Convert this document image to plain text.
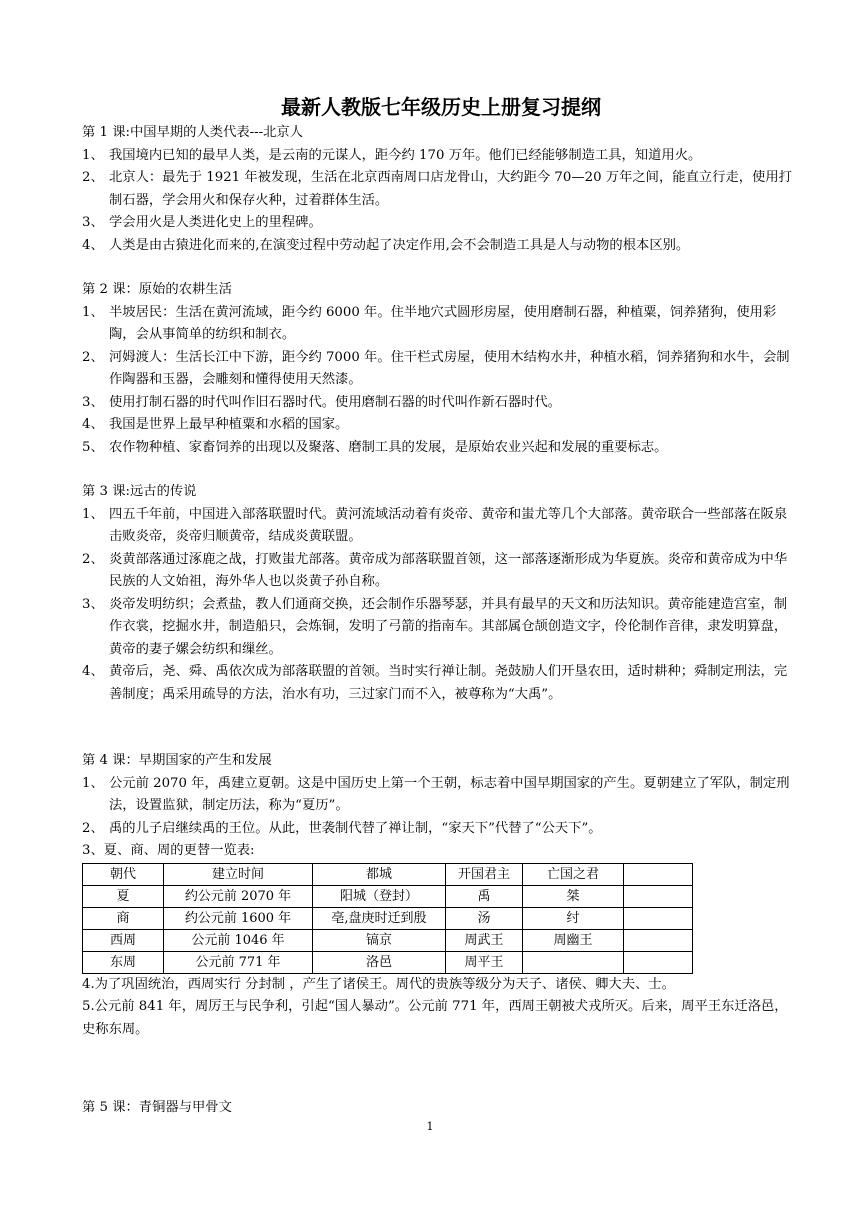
最新人教版七年级历史上册复习提纲

第 1 课:中国早期的人类代表---北京人

1、 我国境内已知的最早人类，是云南的元谋人，距今约 170 万年。他们已经能够制造工具，知道用火。
2、 北京人：最先于 1921 年被发现，生活在北京西南周口店龙骨山，大约距今 70—20 万年之间，能直立行走，使用打制石器，学会用火和保存火种，过着群体生活。
3、 学会用火是人类进化史上的里程碑。
4、 人类是由古猿进化而来的,在演变过程中劳动起了决定作用,会不会制造工具是人与动物的根本区别。

第 2 课：原始的农耕生活

1、 半坡居民：生活在黄河流域，距今约 6000 年。住半地穴式圆形房屋，使用磨制石器，种植粟，饲养猪狗，使用彩陶，会从事简单的纺织和制衣。
2、 河姆渡人：生活长江中下游，距今约 7000 年。住干栏式房屋，使用木结构水井，种植水稻，饲养猪狗和水牛，会制作陶器和玉器，会雕刻和懂得使用天然漆。
3、 使用打制石器的时代叫作旧石器时代。使用磨制石器的时代叫作新石器时代。
4、 我国是世界上最早种植粟和水稻的国家。
5、 农作物种植、家畜饲养的出现以及聚落、磨制工具的发展，是原始农业兴起和发展的重要标志。

第 3 课:远古的传说

1、 四五千年前，中国进入部落联盟时代。黄河流域活动着有炎帝、黄帝和蚩尤等几个大部落。黄帝联合一些部落在阪泉击败炎帝，炎帝归顺黄帝，结成炎黄联盟。
2、 炎黄部落通过涿鹿之战，打败蚩尤部落。黄帝成为部落联盟首领，这一部落逐渐形成为华夏族。炎帝和黄帝成为中华民族的人文始祖，海外华人也以炎黄子孙自称。
3、 炎帝发明纺织；会煮盐，教人们通商交换，还会制作乐器琴瑟，并具有最早的天文和历法知识。黄帝能建造宫室，制作衣裳，挖掘水井，制造船只，会炼铜，发明了弓箭的指南车。其部属仓颉创造文字，伶伦制作音律，隶发明算盘，黄帝的妻子嫘会纺织和缫丝。
4、 黄帝后，尧、舜、禹依次成为部落联盟的首领。当时实行禅让制。尧鼓励人们开垦农田，适时耕种；舜制定刑法，完善制度；禹采用疏导的方法，治水有功，三过家门而不入，被尊称为“大禹”。

第 4 课：早期国家的产生和发展

1、 公元前 2070 年，禹建立夏朝。这是中国历史上第一个王朝，标志着中国早期国家的产生。夏朝建立了军队，制定刑法，设置监狱，制定历法，称为“夏历”。
2、 禹的儿子启继续禹的王位。从此，世袭制代替了禅让制，“家天下”代替了“公天下”。

3、夏、商、周的更替一览表:

朝代	建立时间	都城	开国君主	亡国之君	
夏	约公元前 2070 年	阳城（登封）	禹	桀	
商	约公元前 1600 年	亳,盘庚时迁到殷	汤	纣	
西周	公元前 1046 年	镐京	周武王	周幽王	
东周	公元前 771 年	洛邑	周平王		

4.为了巩固统治，西周实行 分封制 ，产生了诸侯王。周代的贵族等级分为天子、诸侯、卿大夫、士。

5.公元前 841 年，周厉王与民争利，引起“国人暴动”。公元前 771 年，西周王朝被犬戎所灭。后来，周平王东迁洛邑，史称东周。

第 5 课：青铜器与甲骨文

1
